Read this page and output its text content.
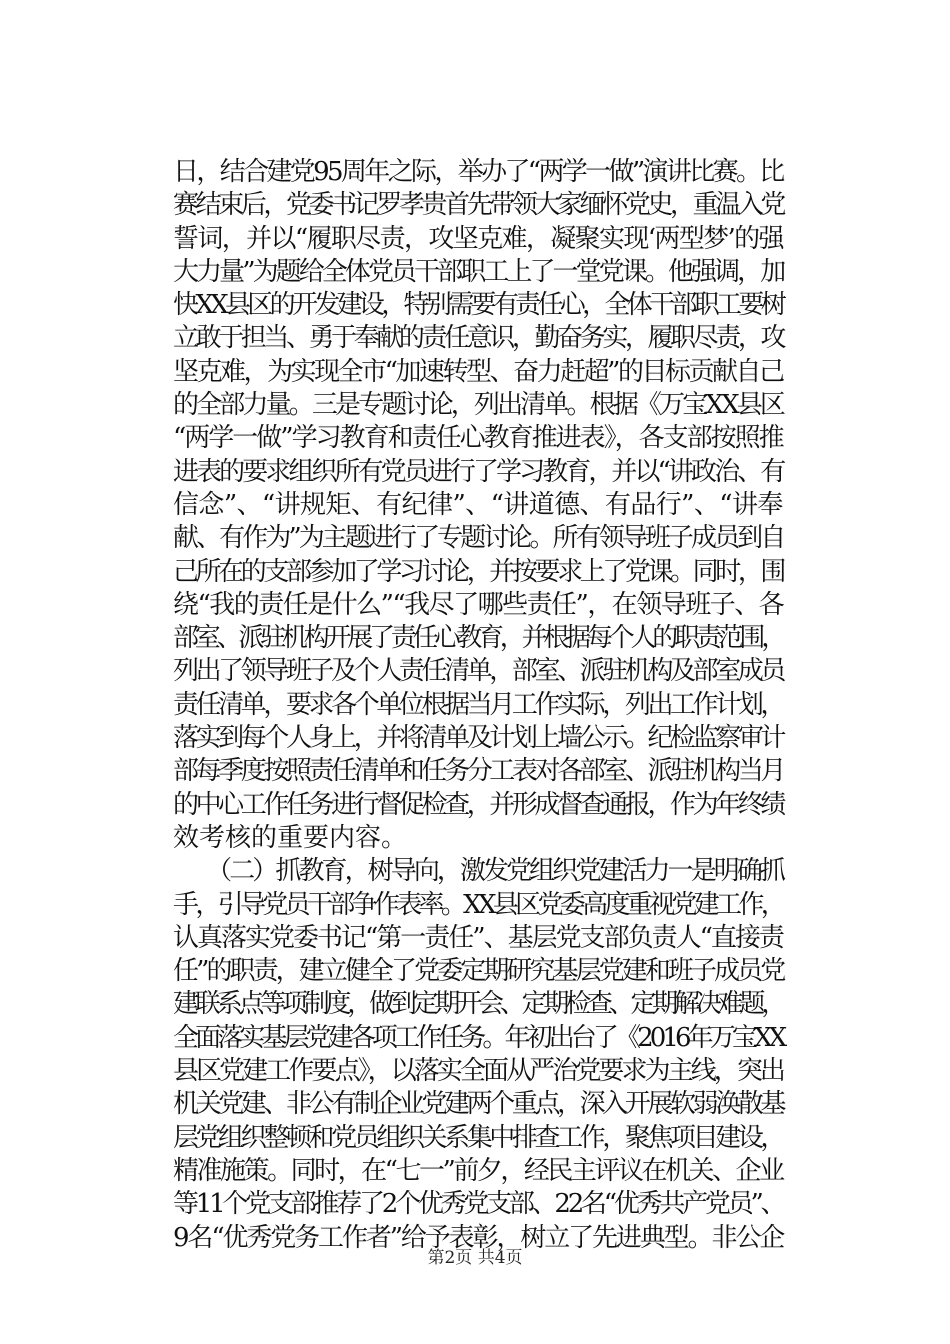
日，结合建党95周年之际，举办了“两学一做”演讲比赛。比
赛结束后，党委书记罗孝贵首先带领大家缅怀党史，重温入党
誓词，并以“履职尽责，攻坚克难，凝聚实现‘两型梦’的强
大力量”为题给全体党员干部职工上了一堂党课。他强调，加
快XX县区的开发建设，特别需要有责任心，全体干部职工要树
立敢于担当、勇于奉献的责任意识，勤奋务实，履职尽责，攻
坚克难，为实现全市“加速转型、奋力赶超”的目标贡献自己
的全部力量。三是专题讨论，列出清单。根据《万宝XX县区
“两学一做”学习教育和责任心教育推进表》，各支部按照推
进表的要求组织所有党员进行了学习教育，并以“讲政治、有
信念”、“讲规矩、有纪律”、“讲道德、有品行”、“讲奉
献、有作为”为主题进行了专题讨论。所有领导班子成员到自
己所在的支部参加了学习讨论，并按要求上了党课。同时，围
绕“我的责任是什么”“我尽了哪些责任”，在领导班子、各
部室、派驻机构开展了责任心教育，并根据每个人的职责范围，
列出了领导班子及个人责任清单，部室、派驻机构及部室成员
责任清单，要求各个单位根据当月工作实际，列出工作计划，
落实到每个人身上，并将清单及计划上墙公示。纪检监察审计
部每季度按照责任清单和任务分工表对各部室、派驻机构当月
的中心工作任务进行督促检查，并形成督查通报，作为年终绩
效考核的重要内容。
　　（二）抓教育，树导向，激发党组织党建活力一是明确抓
手，引导党员干部争作表率。XX县区党委高度重视党建工作，
认真落实党委书记“第一责任”、基层党支部负责人“直接责
任”的职责，建立健全了党委定期研究基层党建和班子成员党
建联系点等项制度，做到定期开会、定期检查、定期解决难题，
全面落实基层党建各项工作任务。年初出台了《2016年万宝XX
县区党建工作要点》，以落实全面从严治党要求为主线，突出
机关党建、非公有制企业党建两个重点，深入开展软弱涣散基
层党组织整顿和党员组织关系集中排查工作，聚焦项目建设，
精准施策。同时，在“七一”前夕，经民主评议在机关、企业
等11个党支部推荐了2个优秀党支部、22名“优秀共产党员”、
9名“优秀党务工作者”给予表彰，树立了先进典型。非公企
第2页 共4页
